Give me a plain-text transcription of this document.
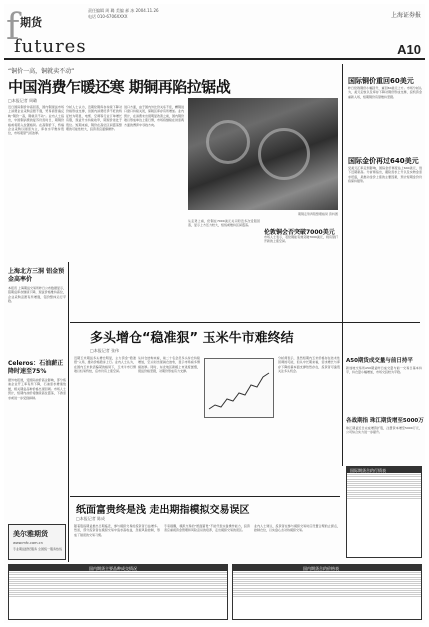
f 期货
futures
责任编辑 周 璐 美编 郝 冰 2004.11.26
电话 010-6706XXXX	上海证券报
A10
“铜价一高，铜就卖不动”
中国消费乍暖还寒 期铜再陷拉锯战
□本报记者 周璐
近日国际铜价冲高回落，国内铜现货市场上消费企业采购意愿不强，贸易商普遍反映“铜价一高，铜就卖不动”。业内人士指出，中国铜消费的复苏仍需时日，期铜价格或将陷入拉锯格局。在高铜价下，终端企业采购以刚需为主，库存水平维持低位，市场观望气氛浓厚。
分析人士认为，近期伦铜库存持续下降对价格形成支撑，但国内消费旺季不旺的特征较为明显，电缆、空调等行业订单增长有限，现货升水持续收窄，期现价差处于低位。短期来看，铜价在高位区间震荡整理的可能性较大，投资者宜谨慎操作。
进口方面，由于国内外比价关系不佳，精铜进口窗口持续关闭，保税区库存有所增加。业内预计，在消费未出现明显改善之前，国内铜价难以形成单边上涨行情，市场将继续在供需两方面的博弈中寻找方向。
期铜走势再陷整理格局 资料图
从走势上看，伦铜在7000美元关口附近多次受阻回落，显示上方压力较大，短线或维持区间震荡。
伦敦铜会否突破7000美元
市场人士表示，若伦铜能有效突破7000美元，则有望打开新的上涨空间。
国际铜价重回60美元
昨日伦敦铜价小幅回升，重回60美元上方。市场分析认为，美元走软以及库存下降对铜价形成支撑，投机资金重新入场，短期铜价有望维持坚挺。
国际金价再过640美元
受美元汇率走弱影响，国际金价再度站上640美元，创下近期新高。分析师指出，避险需求上升以及实物金需求旺盛，是推动金价上涨的主要因素，预计短期金价仍将保持强势。
上海北方三洞 铝金预金高率价
本报讯 上海期货交易所昨日公布数据显示，铝期货库存继续下降，现货价格维持高位，企业采购意愿有所增强，铝价整体运行平稳。
Celeros：石油薪正降时速至75%
据外电报道，受国际油价高企影响，部分炼油企业开工率有所下降，石油需求增速放缓，相关期货品种价格出现回调。市场人士预计，短期内油价将继续高位震荡，下游需求或进一步受到抑制。
美尔雅期货
www.mfc.com.cn
专业期货经纪服务 全国统一服务热线
多头增仓“稳准狠” 玉米牛市难终结
□本报记者 张伟
近期玉米期货多头增仓明显，主力资金“稳准狠”入场，推动价格稳步上行。业内人士认为，在国内玉米供需偏紧的格局下，玉米牛市行情难以轻易终结，后市仍有上涨空间。
从持仓结构来看，前二十名会员多头持仓持续增加，空头则出现减仓迹象，显示市场看多情绪浓厚。同时，东北地区新粮上市进度缓慢，现货价格坚挺，对期价形成有力支撑。
分析师表示，虽然短期内玉米价格存在技术性回调的可能，但从中长期来看，需求增长与库存下降的基本面支撑依然存在，投资者可逢低关注多头机会。
A50期货成交量与前日持平
新加坡交易所A50期货昨日成交量与前一交易日基本持平，持仓量小幅增加，市场交投较为平稳。
各战期指 珠江期货增至5000万
珠江期货近日完成增资扩股，注册资本增至5000万元，公司综合实力进一步提升。
纸面富贵终是浅 走出期指模拟交易误区
□本报记者 陈成
随着股指期货推出日期临近，参与模拟交易的投资者日益增多。然而，部分投资者在模拟交易中追求高收益，忽视风险控制，形成了错误的交易习惯。
专家提醒，模拟交易的“纸面富贵”不能代表实盘操作能力，投资者应重视资金管理和风险意识的培养，走出模拟交易的误区。
业内人士建议，投资者在参与模拟交易时应设置合理的止损点，控制仓位，以实盘心态对待模拟交易。
国际期货合约行情表
国内期货主要品种成交情况	国内期货合约价格表
